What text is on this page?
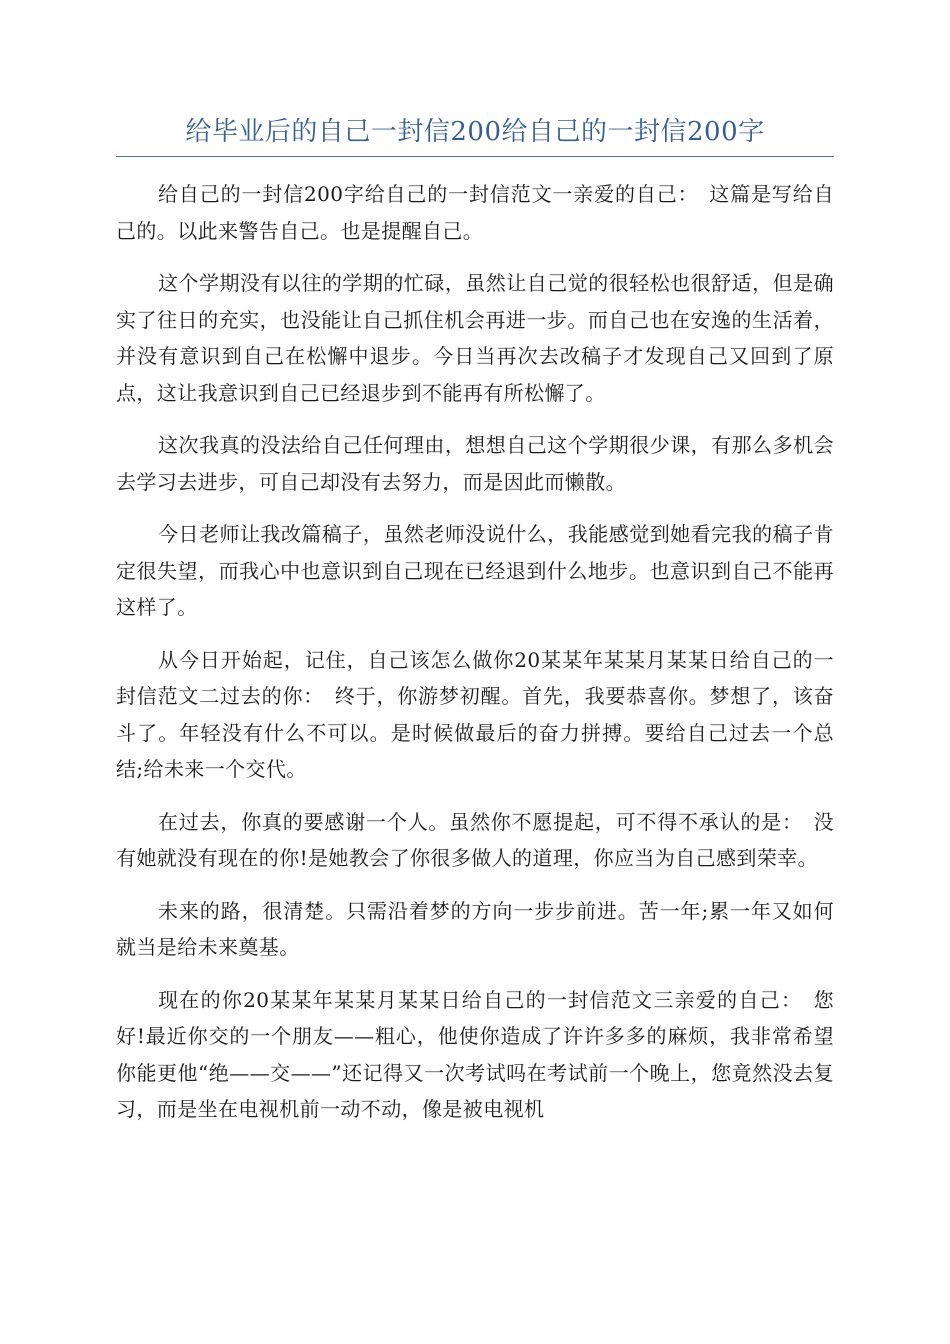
给毕业后的自己一封信200给自己的一封信200字

给自己的一封信200字给自己的一封信范文一亲爱的自己：　这篇是写给自己的。以此来警告自己。也是提醒自己。

这个学期没有以往的学期的忙碌，虽然让自己觉的很轻松也很舒适，但是确实了往日的充实，也没能让自己抓住机会再进一步。而自己也在安逸的生活着，并没有意识到自己在松懈中退步。今日当再次去改稿子才发现自己又回到了原点，这让我意识到自己已经退步到不能再有所松懈了。

这次我真的没法给自己任何理由，想想自己这个学期很少课，有那么多机会去学习去进步，可自己却没有去努力，而是因此而懒散。

今日老师让我改篇稿子，虽然老师没说什么，我能感觉到她看完我的稿子肯定很失望，而我心中也意识到自己现在已经退到什么地步。也意识到自己不能再这样了。

从今日开始起，记住，自己该怎么做你20某某年某某月某某日给自己的一封信范文二过去的你：　终于，你游梦初醒。首先，我要恭喜你。梦想了，该奋斗了。年轻没有什么不可以。是时候做最后的奋力拼搏。要给自己过去一个总结;给未来一个交代。

在过去，你真的要感谢一个人。虽然你不愿提起，可不得不承认的是：　没有她就没有现在的你!是她教会了你很多做人的道理，你应当为自己感到荣幸。

未来的路，很清楚。只需沿着梦的方向一步步前进。苦一年;累一年又如何就当是给未来奠基。

现在的你20某某年某某月某某日给自己的一封信范文三亲爱的自己：　您好!最近你交的一个朋友——粗心，他使你造成了许许多多的麻烦，我非常希望你能更他“绝——交——”还记得又一次考试吗在考试前一个晚上，您竟然没去复习，而是坐在电视机前一动不动，像是被电视机
